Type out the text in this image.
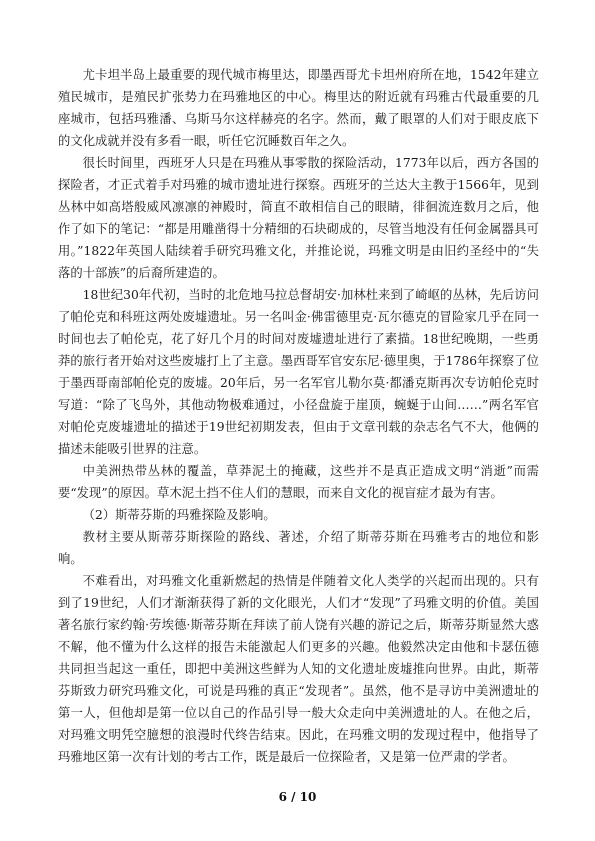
尤卡坦半岛上最重要的现代城市梅里达，即墨西哥尤卡坦州府所在地，1542年建立殖民城市，是殖民扩张势力在玛雅地区的中心。梅里达的附近就有玛雅古代最重要的几座城市，包括玛雅潘、乌斯马尔这样赫亮的名字。然而，戴了眼罩的人们对于眼皮底下的文化成就并没有多看一眼，听任它沉睡数百年之久。

很长时间里，西班牙人只是在玛雅从事零散的探险活动，1773年以后，西方各国的探险者，才正式着手对玛雅的城市遗址进行探察。西班牙的兰达大主教于1566年，见到丛林中如高塔般威风凛凛的神殿时，简直不敢相信自己的眼睛，徘徊流连数月之后，他作了如下的笔记：“都是用雕凿得十分精细的石块砌成的，尽管当地没有任何金属器具可用。”1822年英国人陆续着手研究玛雅文化，并推论说，玛雅文明是由旧约圣经中的“失落的十部族”的后裔所建造的。

18世纪30年代初，当时的北危地马拉总督胡安·加林杜来到了崎岖的丛林，先后访问了帕伦克和科班这两处废墟遗址。另一名叫金·佛雷德里克·瓦尔德克的冒险家几乎在同一时间也去了帕伦克，花了好几个月的时间对废墟遗址进行了素描。18世纪晚期，一些勇莽的旅行者开始对这些废墟打上了主意。墨西哥军官安东尼·德里奥，于1786年探察了位于墨西哥南部帕伦克的废墟。20年后，另一名军官儿勒尔莫·都潘克斯再次专访帕伦克时写道：“除了飞鸟外，其他动物极难通过，小径盘旋于崖顶，蜿蜒于山间……”两名军官对帕伦克废墟遗址的描述于19世纪初期发表，但由于文章刊载的杂志名气不大，他俩的描述未能吸引世界的注意。

中美洲热带丛林的覆盖，草莽泥土的掩藏，这些并不是真正造成文明“消逝”而需要“发现”的原因。草木泥土挡不住人们的慧眼，而来自文化的视盲症才最为有害。

（2）斯蒂芬斯的玛雅探险及影响。

教材主要从斯蒂芬斯探险的路线、著述，介绍了斯蒂芬斯在玛雅考古的地位和影响。

不难看出，对玛雅文化重新燃起的热情是伴随着文化人类学的兴起而出现的。只有到了19世纪，人们才渐渐获得了新的文化眼光，人们才“发现”了玛雅文明的价值。美国著名旅行家约翰·劳埃德·斯蒂芬斯在拜读了前人饶有兴趣的游记之后，斯蒂芬斯显然大惑不解，他不懂为什么这样的报告未能激起人们更多的兴趣。他毅然决定由他和卡瑟伍德共同担当起这一重任，即把中美洲这些鲜为人知的文化遗址废墟推向世界。由此，斯蒂芬斯致力研究玛雅文化，可说是玛雅的真正“发现者”。虽然，他不是寻访中美洲遗址的第一人，但他却是第一位以自己的作品引导一般大众走向中美洲遗址的人。在他之后，对玛雅文明凭空臆想的浪漫时代终告结束。因此，在玛雅文明的发现过程中，他指导了玛雅地区第一次有计划的考古工作，既是最后一位探险者，又是第一位严肃的学者。

6 / 10
